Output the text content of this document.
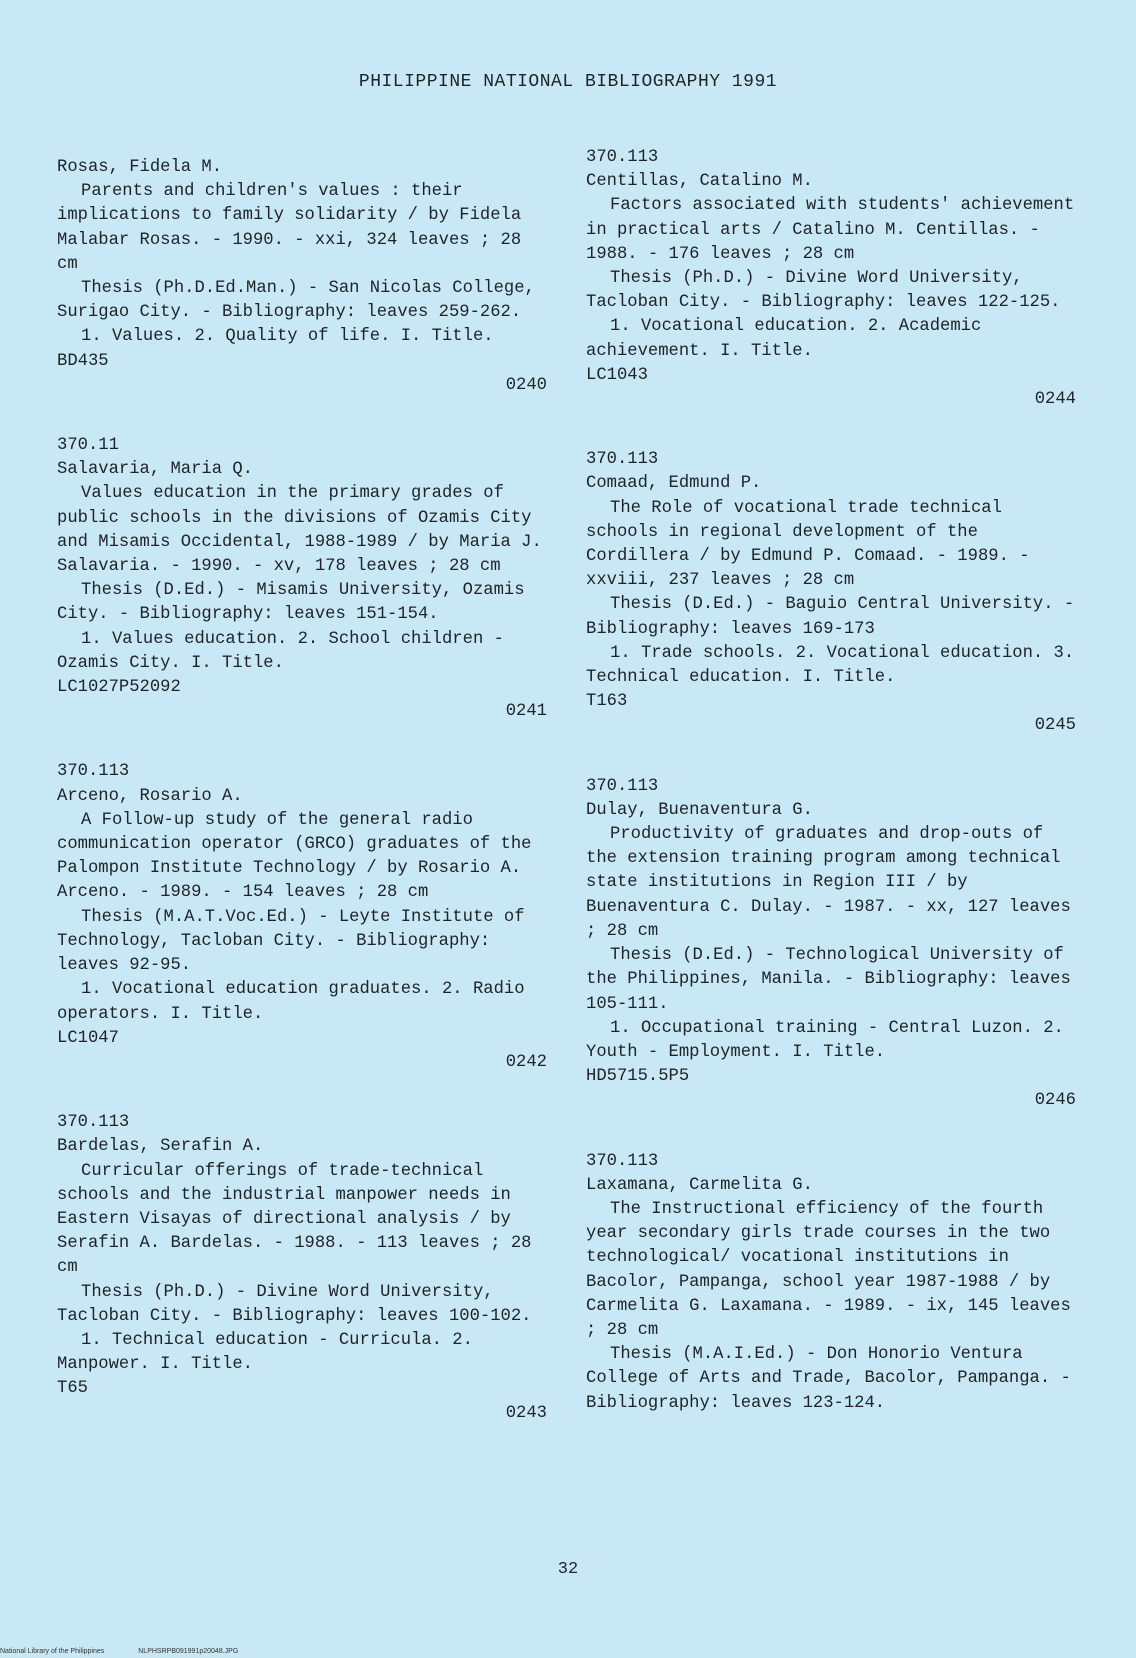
PHILIPPINE NATIONAL BIBLIOGRAPHY 1991

Rosas, Fidela M.

Parents and children's values : their implications to family solidarity / by Fidela Malabar Rosas. - 1990. - xxi, 324 leaves ; 28 cm

Thesis (Ph.D.Ed.Man.) - San Nicolas College, Surigao City. - Bibliography: leaves 259-262.

1. Values. 2. Quality of life. I. Title.

BD435

0240

370.11

Salavaria, Maria Q.

Values education in the primary grades of public schools in the divisions of Ozamis City and Misamis Occidental, 1988-1989 / by Maria J. Salavaria. - 1990. - xv, 178 leaves ; 28 cm

Thesis (D.Ed.) - Misamis University, Ozamis City. - Bibliography: leaves 151-154.

1. Values education. 2. School children - Ozamis City. I. Title.

LC1027P52092

0241

370.113

Arceno, Rosario A.

A Follow-up study of the general radio communication operator (GRCO) graduates of the Palompon Institute Technology / by Rosario A. Arceno. - 1989. - 154 leaves ; 28 cm

Thesis (M.A.T.Voc.Ed.) - Leyte Institute of Technology, Tacloban City. - Bibliography: leaves 92-95.

1. Vocational education graduates. 2. Radio operators. I. Title.

LC1047

0242

370.113

Bardelas, Serafin A.

Curricular offerings of trade-technical schools and the industrial manpower needs in Eastern Visayas of directional analysis / by Serafin A. Bardelas. - 1988. - 113 leaves ; 28 cm

Thesis (Ph.D.) - Divine Word University, Tacloban City. - Bibliography: leaves 100-102.

1. Technical education - Curricula. 2. Manpower. I. Title.

T65

0243

370.113

Centillas, Catalino M.

Factors associated with students' achievement in practical arts / Catalino M. Centillas. - 1988. - 176 leaves ; 28 cm

Thesis (Ph.D.) - Divine Word University, Tacloban City. - Bibliography: leaves 122-125.

1. Vocational education. 2. Academic achievement. I. Title.

LC1043

0244

370.113

Comaad, Edmund P.

The Role of vocational trade technical schools in regional development of the Cordillera / by Edmund P. Comaad. - 1989. - xxviii, 237 leaves ; 28 cm

Thesis (D.Ed.) - Baguio Central University. - Bibliography: leaves 169-173

1. Trade schools. 2. Vocational education. 3. Technical education. I. Title.

T163

0245

370.113

Dulay, Buenaventura G.

Productivity of graduates and drop-outs of the extension training program among technical state institutions in Region III / by Buenaventura C. Dulay. - 1987. - xx, 127 leaves ; 28 cm

Thesis (D.Ed.) - Technological University of the Philippines, Manila. - Bibliography: leaves 105-111.

1. Occupational training - Central Luzon. 2. Youth - Employment. I. Title.

HD5715.5P5

0246

370.113

Laxamana, Carmelita G.

The Instructional efficiency of the fourth year secondary girls trade courses in the two technological/ vocational institutions in Bacolor, Pampanga, school year 1987-1988 / by Carmelita G. Laxamana. - 1989. - ix, 145 leaves ; 28 cm

Thesis (M.A.I.Ed.) - Don Honorio Ventura College of Arts and Trade, Bacolor, Pampanga. - Bibliography: leaves 123-124.

32
National Library of the Philippines	NLPHSRPB091991p20048.JPG
